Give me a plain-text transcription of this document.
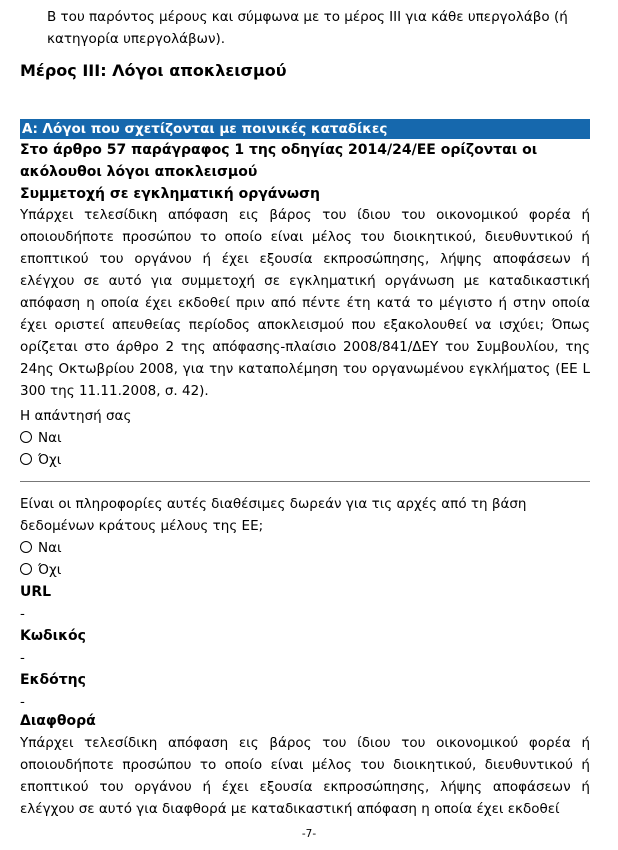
Β του παρόντος μέρους και σύμφωνα με το μέρος ΙΙΙ για κάθε υπεργολάβο (ή κατηγορία υπεργολάβων).
Μέρος ΙΙΙ: Λόγοι αποκλεισμού
Α: Λόγοι που σχετίζονται με ποινικές καταδίκες
Στο άρθρο 57 παράγραφος 1 της οδηγίας 2014/24/ΕΕ ορίζονται οι ακόλουθοι λόγοι αποκλεισμού
Συμμετοχή σε εγκληματική οργάνωση
Υπάρχει τελεσίδικη απόφαση εις βάρος του ίδιου του οικονομικού φορέα ή οποιουδήποτε προσώπου το οποίο είναι μέλος του διοικητικού, διευθυντικού ή εποπτικού του οργάνου ή έχει εξουσία εκπροσώπησης, λήψης αποφάσεων ή ελέγχου σε αυτό για συμμετοχή σε εγκληματική οργάνωση με καταδικαστική απόφαση η οποία έχει εκδοθεί πριν από πέντε έτη κατά το μέγιστο ή στην οποία έχει οριστεί απευθείας περίοδος αποκλεισμού που εξακολουθεί να ισχύει; Όπως ορίζεται στο άρθρο 2 της απόφασης-πλαίσιο 2008/841/ΔΕΥ του Συμβουλίου, της 24ης Οκτωβρίου 2008, για την καταπολέμηση του οργανωμένου εγκλήματος (ΕΕ L 300 της 11.11.2008, σ. 42).
Η απάντησή σας
Ναι
Όχι
Είναι οι πληροφορίες αυτές διαθέσιμες δωρεάν για τις αρχές από τη βάση δεδομένων κράτους μέλους της ΕΕ;
Ναι
Όχι
URL
-
Κωδικός
-
Εκδότης
-
Διαφθορά
Υπάρχει τελεσίδικη απόφαση εις βάρος του ίδιου του οικονομικού φορέα ή οποιουδήποτε προσώπου το οποίο είναι μέλος του διοικητικού, διευθυντικού ή εποπτικού του οργάνου ή έχει εξουσία εκπροσώπησης, λήψης αποφάσεων ή ελέγχου σε αυτό για διαφθορά με καταδικαστική απόφαση η οποία έχει εκδοθεί
-7-
